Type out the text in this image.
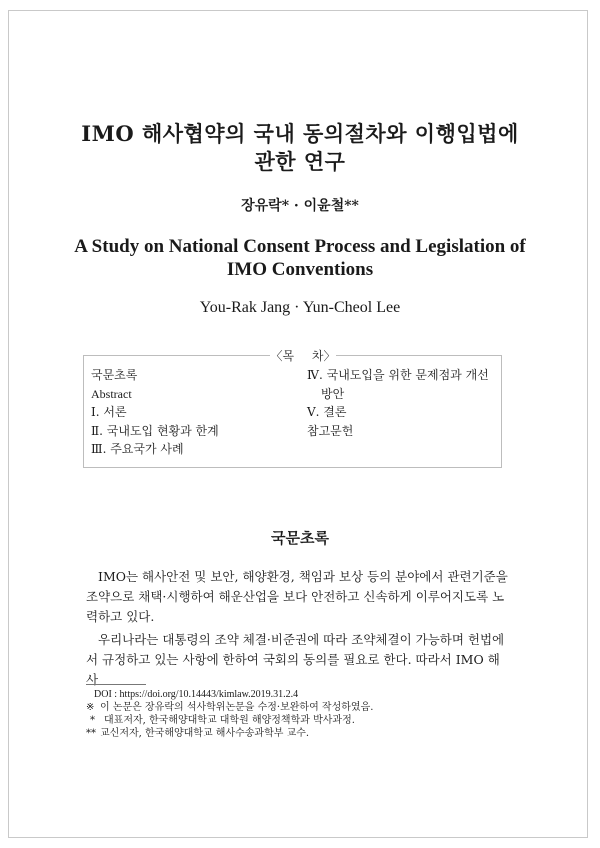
IMO 해사협약의 국내 동의절차와 이행입법에
관한 연구

장유락* · 이윤철**

A Study on National Consent Process and Legislation of
IMO Conventions

You-Rak Jang · Yun-Cheol Lee

〈목 차〉
국문초록
Abstract
Ⅰ. 서론
Ⅱ. 국내도입 현황과 한계
Ⅲ. 주요국가 사례
Ⅳ. 국내도입을 위한 문제점과 개선
방안
Ⅴ. 결론
참고문헌
국문초록

IMO는 해사안전 및 보안, 해양환경, 책임과 보상 등의 분야에서 관련기준을 조약으로 채택·시행하여 해운산업을 보다 안전하고 신속하게 이루어지도록 노력하고 있다.

우리나라는 대통령의 조약 체결·비준권에 따라 조약체결이 가능하며 헌법에서 규정하고 있는 사항에 한하여 국회의 동의를 필요로 한다. 따라서 IMO 해사

DOI : https://doi.org/10.14443/kimlaw.2019.31.2.4
※ 이 논문은 장유락의 석사학위논문을 수정·보완하여 작성하였음.
* 대표저자, 한국해양대학교 대학원 해양정책학과 박사과정.
** 교신저자, 한국해양대학교 해사수송과학부 교수.
